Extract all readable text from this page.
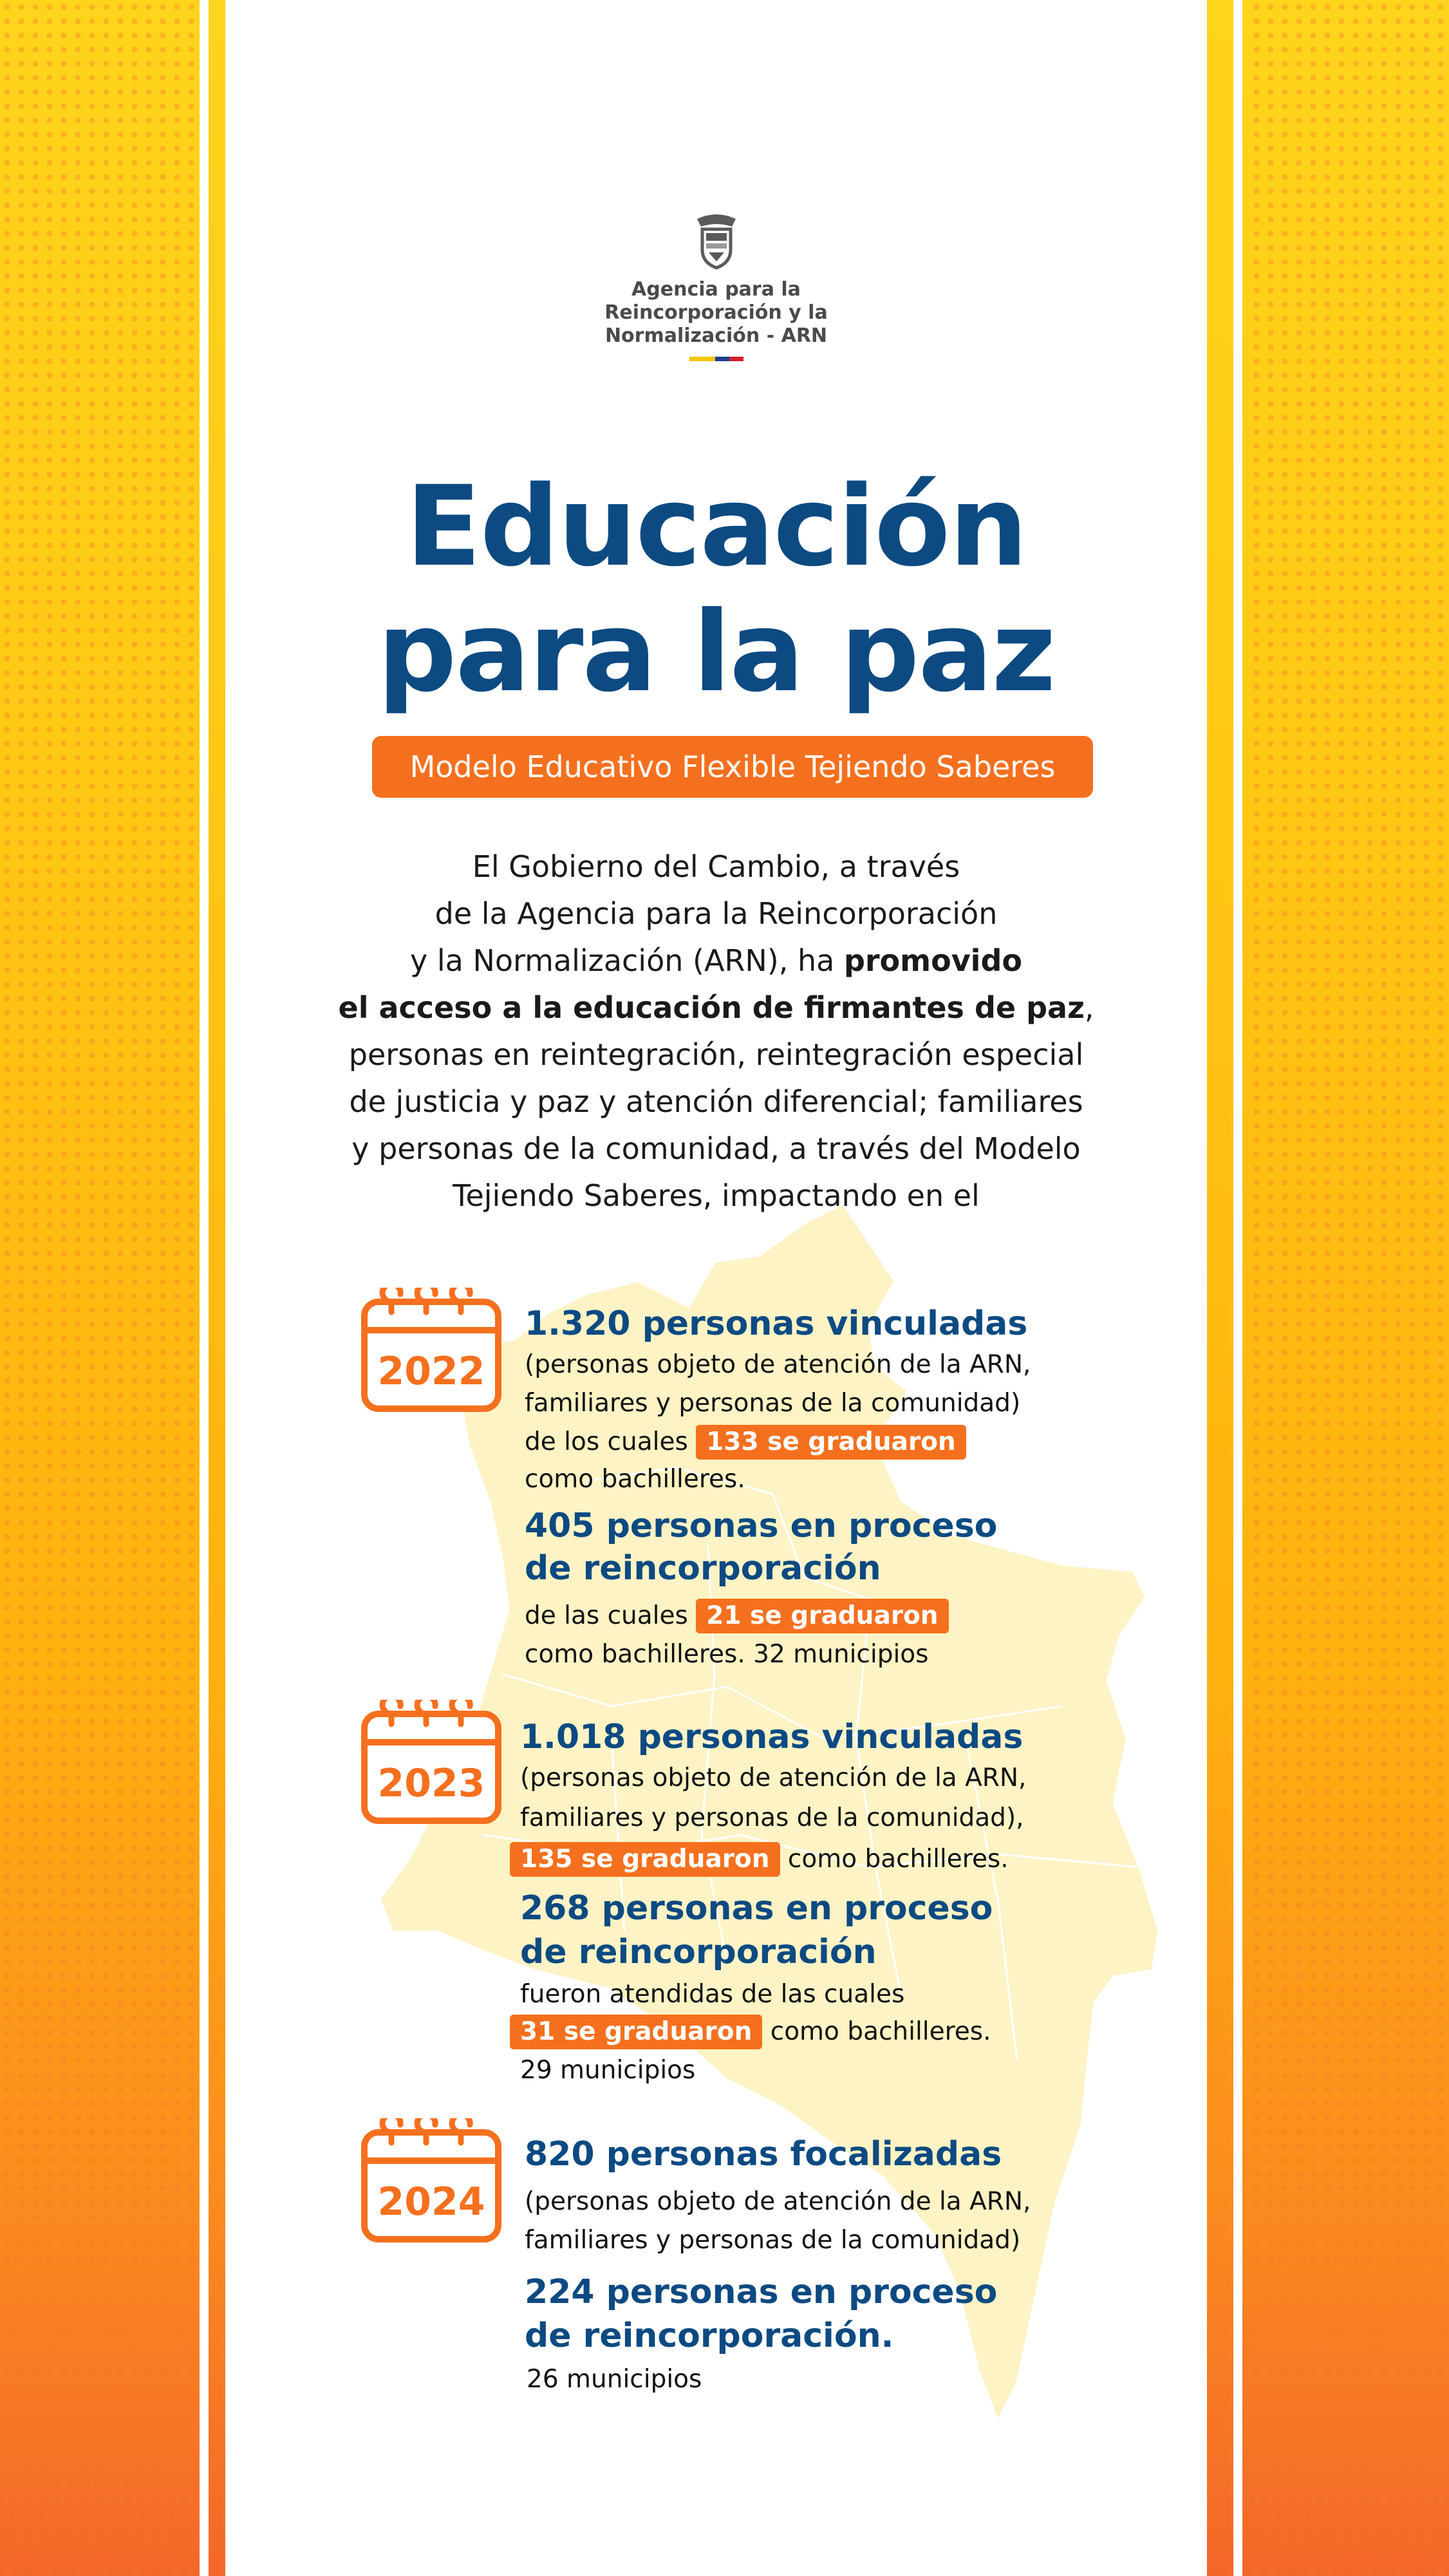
Agencia para la
Reincorporación y la
Normalización - ARN
Educación
para la paz
Modelo Educativo Flexible Tejiendo Saberes
El Gobierno del Cambio, a través
de la Agencia para la Reincorporación
y la Normalización (ARN), ha promovido
el acceso a la educación de firmantes de paz,
personas en reintegración, reintegración especial
de justicia y paz y atención diferencial; familiares
y personas de la comunidad, a través del Modelo
Tejiendo Saberes, impactando en el
2022
1.320 personas vinculadas
(personas objeto de atención de la ARN,
familiares y personas de la comunidad)
de los cuales 133 se graduaron
como bachilleres.
405 personas en proceso
de reincorporación
de las cuales 21 se graduaron
como bachilleres. 32 municipios
2023
1.018 personas vinculadas
(personas objeto de atención de la ARN,
familiares y personas de la comunidad),
135 se graduaron como bachilleres.
268 personas en proceso
de reincorporación
fueron atendidas de las cuales
31 se graduaron como bachilleres.
29 municipios
2024
820 personas focalizadas
(personas objeto de atención de la ARN,
familiares y personas de la comunidad)
224 personas en proceso
de reincorporación.
26 municipios
